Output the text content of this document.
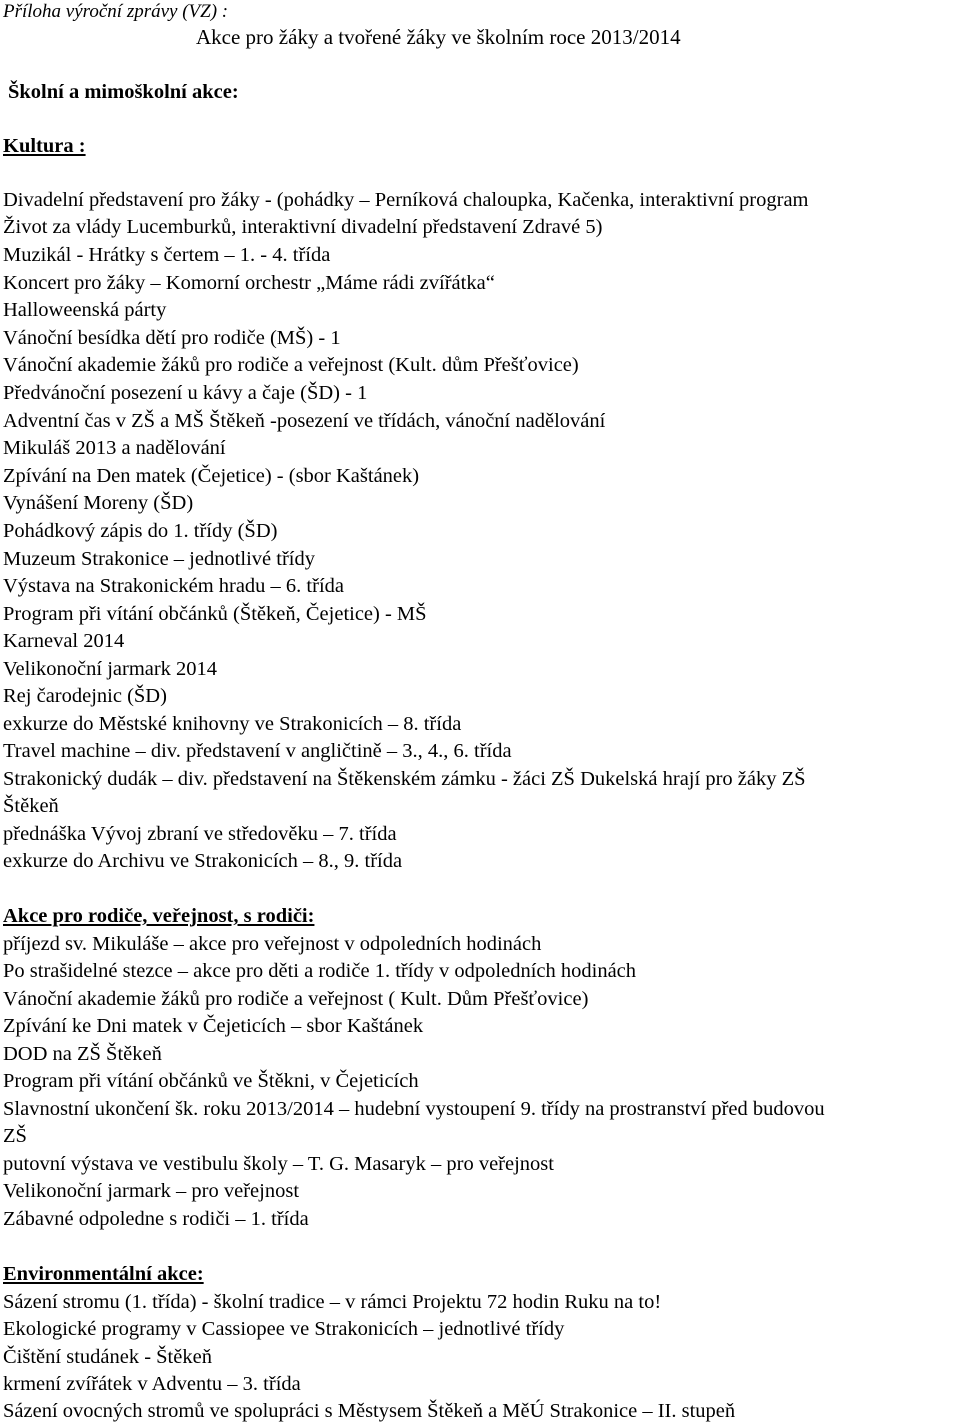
Příloha výroční zprávy (VZ) :

Akce pro žáky a tvořené žáky ve školním roce 2013/2014

Školní a mimoškolní akce:

Kultura :

Divadelní představení pro žáky - (pohádky – Perníková chaloupka, Kačenka, interaktivní program

Život za vlády Lucemburků, interaktivní divadelní představení Zdravé 5)

Muzikál - Hrátky s čertem – 1. - 4. třída

Koncert pro žáky – Komorní orchestr „Máme rádi zvířátka“

Halloweenská párty

Vánoční besídka dětí pro rodiče (MŠ) - 1

Vánoční akademie žáků pro rodiče a veřejnost (Kult. dům Přešťovice)

Předvánoční posezení u kávy a čaje (ŠD) - 1

Adventní čas v ZŠ a MŠ Štěkeň -posezení ve třídách, vánoční nadělování

Mikuláš 2013 a nadělování

Zpívání na Den matek (Čejetice) - (sbor Kaštánek)

Vynášení Moreny (ŠD)

Pohádkový zápis do 1. třídy (ŠD)

Muzeum Strakonice – jednotlivé třídy

Výstava na Strakonickém hradu – 6. třída

Program při vítání občánků (Štěkeň, Čejetice) - MŠ

Karneval 2014

Velikonoční jarmark 2014

Rej čarodejnic (ŠD)

exkurze do Městské knihovny ve Strakonicích – 8. třída

Travel machine – div. představení v angličtině – 3., 4., 6. třída

Strakonický dudák – div. představení na Štěkenském zámku - žáci ZŠ Dukelská hrají pro žáky ZŠ

Štěkeň

přednáška Vývoj zbraní ve středověku – 7. třída

exkurze do Archivu ve Strakonicích – 8., 9. třída

Akce pro rodiče, veřejnost, s rodiči:

příjezd sv. Mikuláše – akce pro veřejnost v odpoledních hodinách

Po strašidelné stezce – akce pro děti a rodiče 1. třídy v odpoledních hodinách

Vánoční akademie žáků pro rodiče a veřejnost ( Kult. Dům Přešťovice)

Zpívání ke Dni matek v Čejeticích – sbor Kaštánek

DOD na ZŠ Štěkeň

Program při vítání občánků ve Štěkni, v Čejeticích

Slavnostní ukončení šk. roku 2013/2014 – hudební vystoupení 9. třídy na prostranství před budovou

ZŠ

putovní výstava ve vestibulu školy – T. G. Masaryk – pro veřejnost

Velikonoční jarmark – pro veřejnost

Zábavné odpoledne s rodiči – 1. třída

Environmentální akce:

Sázení stromu (1. třída) - školní tradice – v rámci Projektu 72 hodin Ruku na to!

Ekologické programy v Cassiopee ve Strakonicích – jednotlivé třídy

Čištění studánek - Štěkeň

krmení zvířátek v Adventu – 3. třída

Sázení ovocných stromů ve spolupráci s Městysem Štěkeň a MěÚ Strakonice – II. stupeň
